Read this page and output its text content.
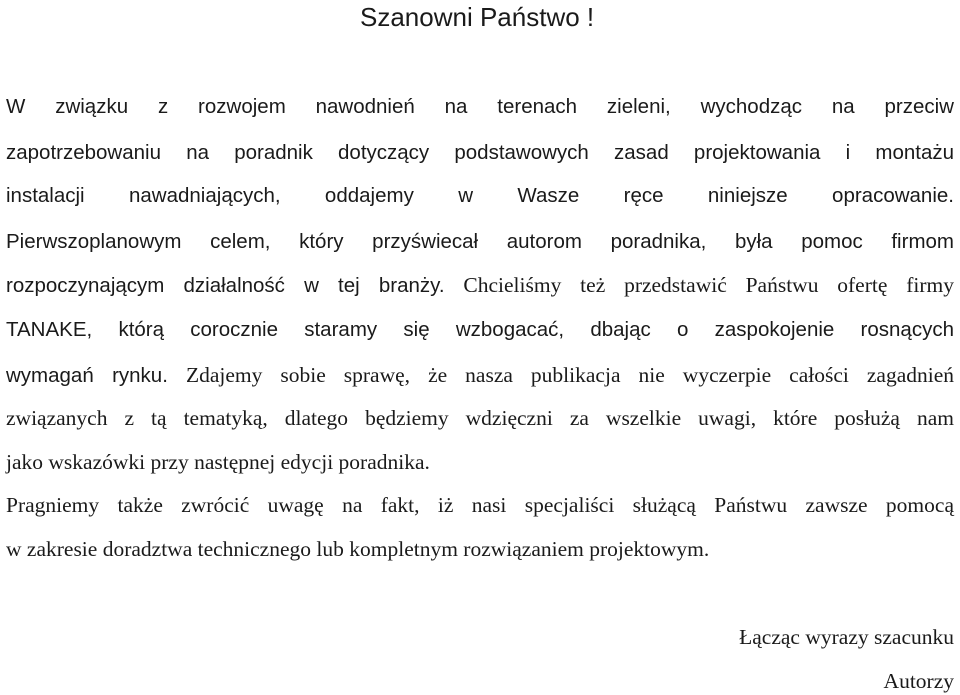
Szanowni Państwo !
W związku z rozwojem nawodnień na terenach zieleni, wychodząc na przeciw
zapotrzebowaniu na poradnik dotyczący podstawowych zasad projektowania i montażu
instalacji nawadniających, oddajemy w Wasze ręce niniejsze opracowanie.
Pierwszoplanowym celem, który przyświecał autorom poradnika, była pomoc firmom
rozpoczynającym działalność w tej branży. Chcieliśmy też przedstawić Państwu ofertę firmy
TANAKE, którą corocznie staramy się wzbogacać, dbając o zaspokojenie rosnących
wymagań rynku. Zdajemy sobie sprawę, że nasza publikacja nie wyczerpie całości zagadnień
związanych z tą tematyką, dlatego będziemy wdzięczni za wszelkie uwagi, które posłużą nam
jako wskazówki przy następnej edycji poradnika.
Pragniemy także zwrócić uwagę na fakt, iż nasi specjaliści służącą Państwu zawsze pomocą
w zakresie doradztwa technicznego lub kompletnym rozwiązaniem projektowym.
Łącząc wyrazy szacunku
Autorzy
